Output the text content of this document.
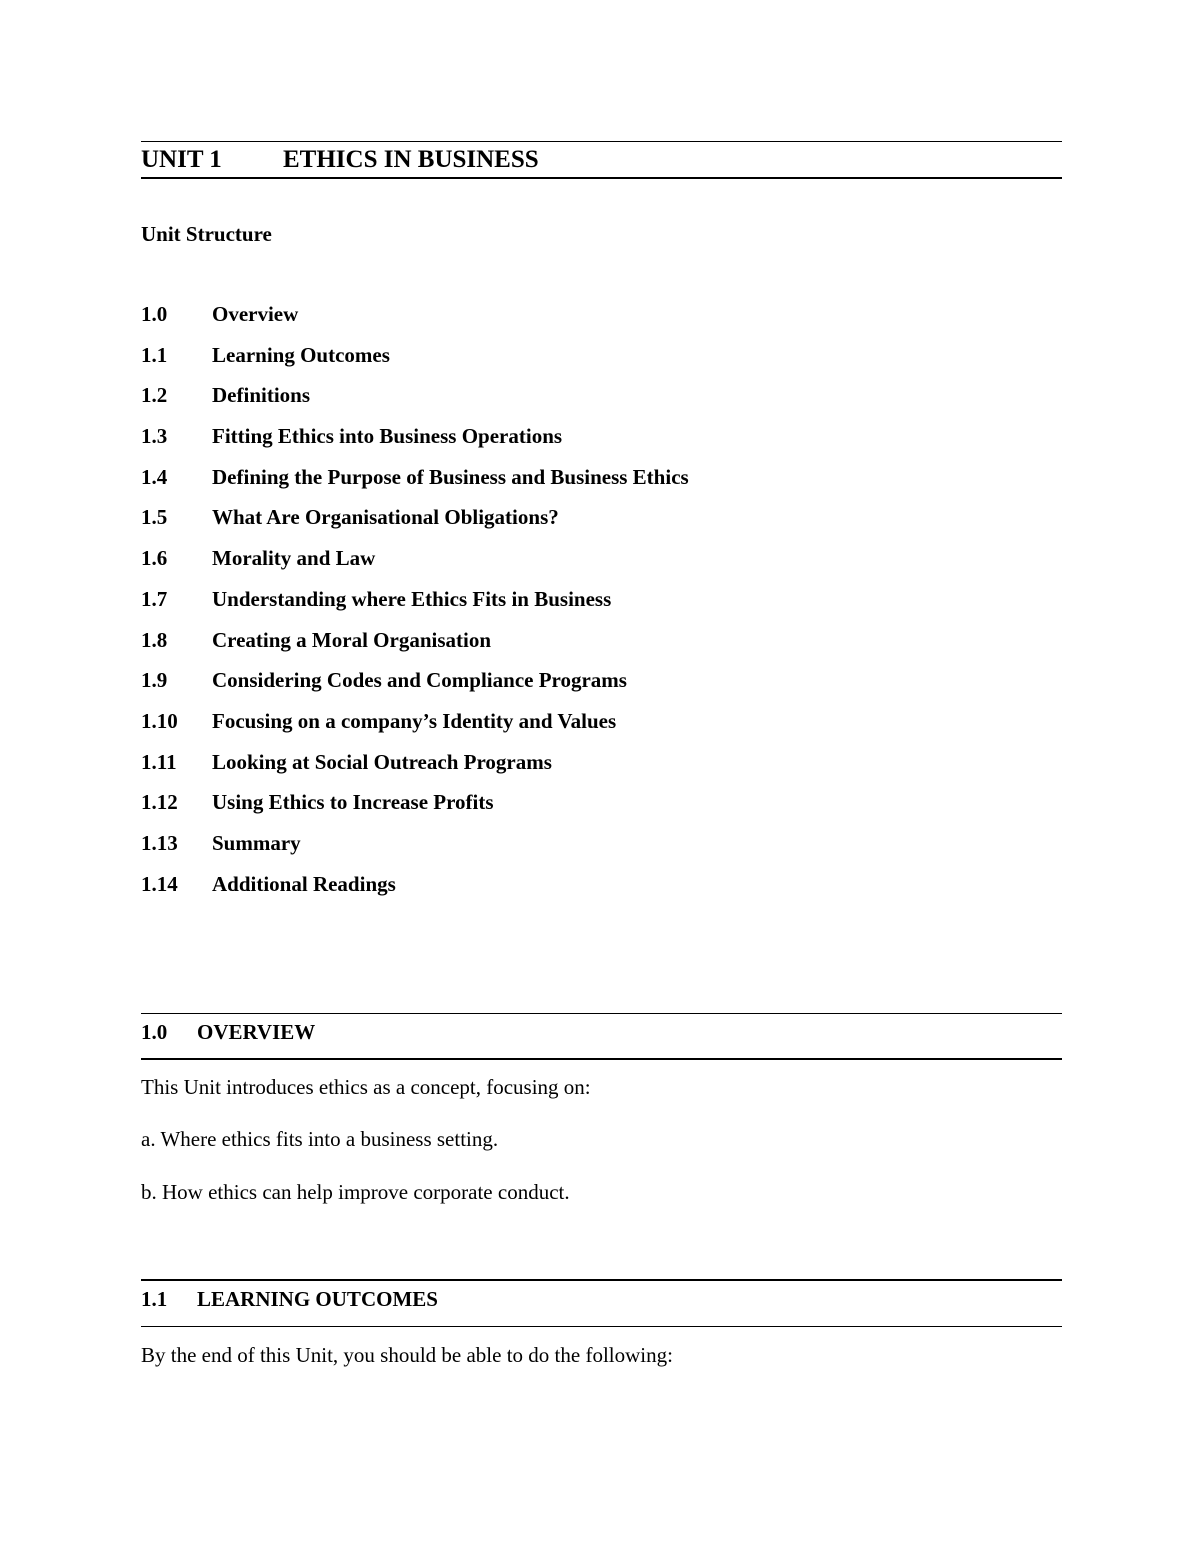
UNIT 1 ETHICS IN BUSINESS
Unit Structure
1.0 Overview
1.1 Learning Outcomes
1.2 Definitions
1.3 Fitting Ethics into Business Operations
1.4 Defining the Purpose of Business and Business Ethics
1.5 What Are Organisational Obligations?
1.6 Morality and Law
1.7 Understanding where Ethics Fits in Business
1.8 Creating a Moral Organisation
1.9 Considering Codes and Compliance Programs
1.10 Focusing on a company’s Identity and Values
1.11 Looking at Social Outreach Programs
1.12 Using Ethics to Increase Profits
1.13 Summary
1.14 Additional Readings
1.0 OVERVIEW
This Unit introduces ethics as a concept, focusing on:
a. Where ethics fits into a business setting.
b. How ethics can help improve corporate conduct.
1.1 LEARNING OUTCOMES
By the end of this Unit, you should be able to do the following:
